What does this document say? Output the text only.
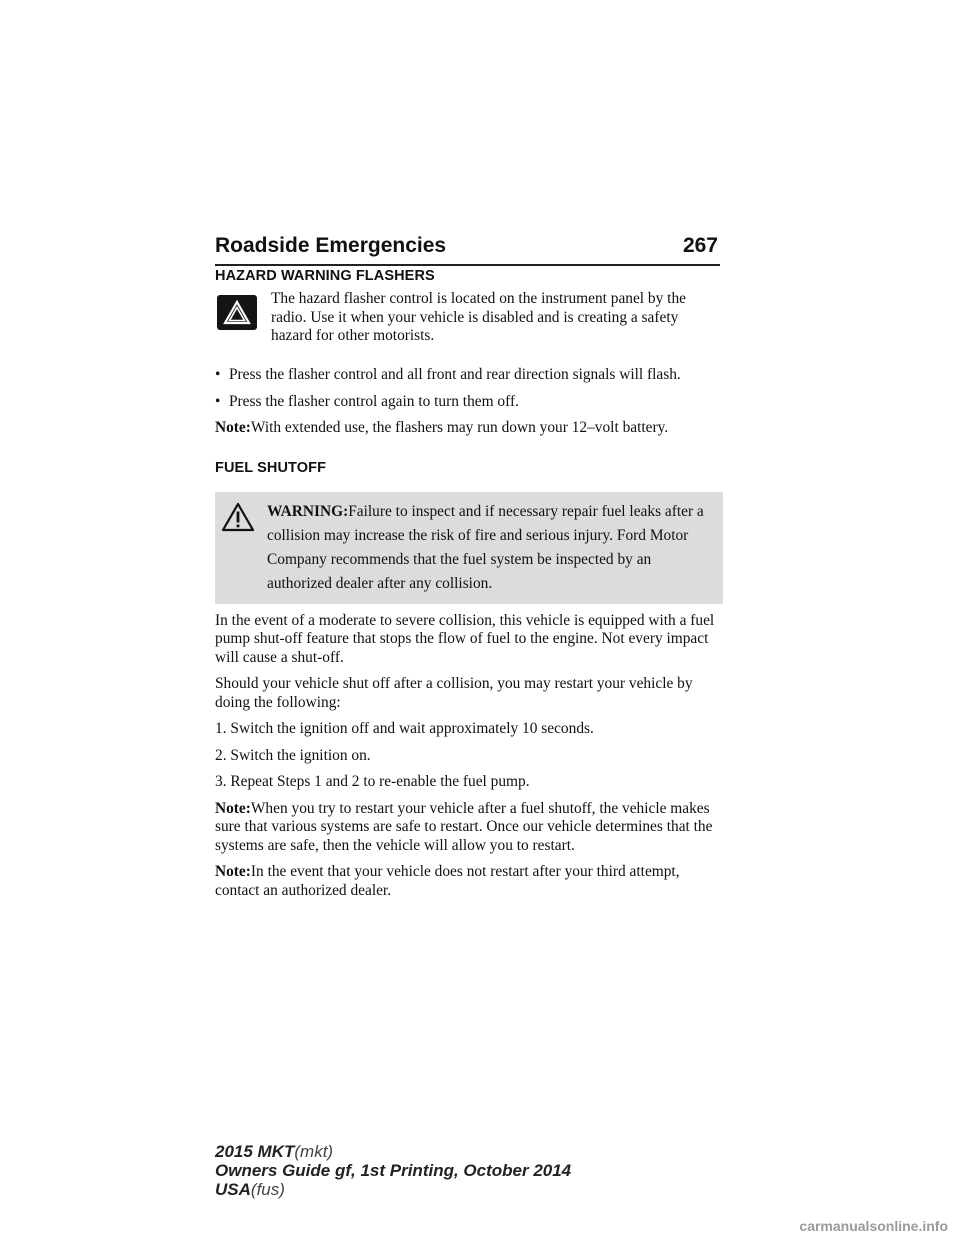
Roadside Emergencies	267
HAZARD WARNING FLASHERS

The hazard flasher control is located on the instrument panel by the radio. Use it when your vehicle is disabled and is creating a safety hazard for other motorists.

• Press the flasher control and all front and rear direction signals will flash.

• Press the flasher control again to turn them off.

Note:With extended use, the flashers may run down your 12–volt battery.

FUEL SHUTOFF
WARNING:Failure to inspect and if necessary repair fuel leaks after a collision may increase the risk of fire and serious injury. Ford Motor Company recommends that the fuel system be inspected by an authorized dealer after any collision.

In the event of a moderate to severe collision, this vehicle is equipped with a fuel pump shut-off feature that stops the flow of fuel to the engine. Not every impact will cause a shut-off.

Should your vehicle shut off after a collision, you may restart your vehicle by doing the following:

1. Switch the ignition off and wait approximately 10 seconds.

2. Switch the ignition on.

3. Repeat Steps 1 and 2 to re-enable the fuel pump.

Note:When you try to restart your vehicle after a fuel shutoff, the vehicle makes sure that various systems are safe to restart. Once our vehicle determines that the systems are safe, then the vehicle will allow you to restart.

Note:In the event that your vehicle does not restart after your third attempt, contact an authorized dealer.

2015 MKT(mkt)
Owners Guide gf, 1st Printing, October 2014
USA(fus)
carmanualsonline.info
